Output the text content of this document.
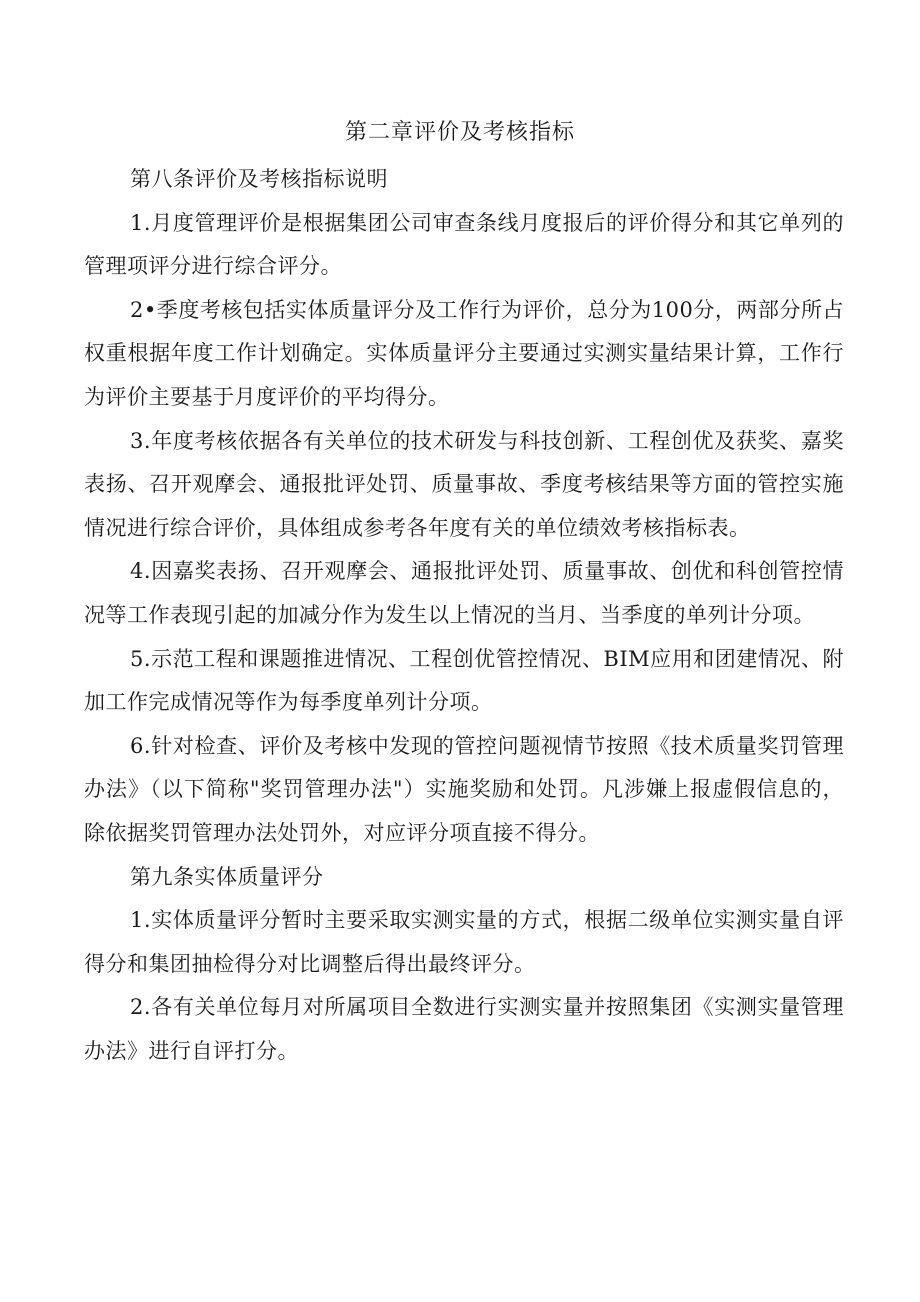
第二章评价及考核指标

第八条评价及考核指标说明

1.月度管理评价是根据集团公司审查条线月度报后的评价得分和其它单列的管理项评分进行综合评分。

2•季度考核包括实体质量评分及工作行为评价，总分为100分，两部分所占权重根据年度工作计划确定。实体质量评分主要通过实测实量结果计算，工作行为评价主要基于月度评价的平均得分。

3.年度考核依据各有关单位的技术研发与科技创新、工程创优及获奖、嘉奖表扬、召开观摩会、通报批评处罚、质量事故、季度考核结果等方面的管控实施情况进行综合评价，具体组成参考各年度有关的单位绩效考核指标表。

4.因嘉奖表扬、召开观摩会、通报批评处罚、质量事故、创优和科创管控情况等工作表现引起的加减分作为发生以上情况的当月、当季度的单列计分项。

5.示范工程和课题推进情况、工程创优管控情况、BIM应用和团建情况、附加工作完成情况等作为每季度单列计分项。

6.针对检查、评价及考核中发现的管控问题视情节按照《技术质量奖罚管理办法》（以下简称"奖罚管理办法"）实施奖励和处罚。凡涉嫌上报虚假信息的，除依据奖罚管理办法处罚外，对应评分项直接不得分。

第九条实体质量评分

1.实体质量评分暂时主要采取实测实量的方式，根据二级单位实测实量自评得分和集团抽检得分对比调整后得出最终评分。

2.各有关单位每月对所属项目全数进行实测实量并按照集团《实测实量管理办法》进行自评打分。
